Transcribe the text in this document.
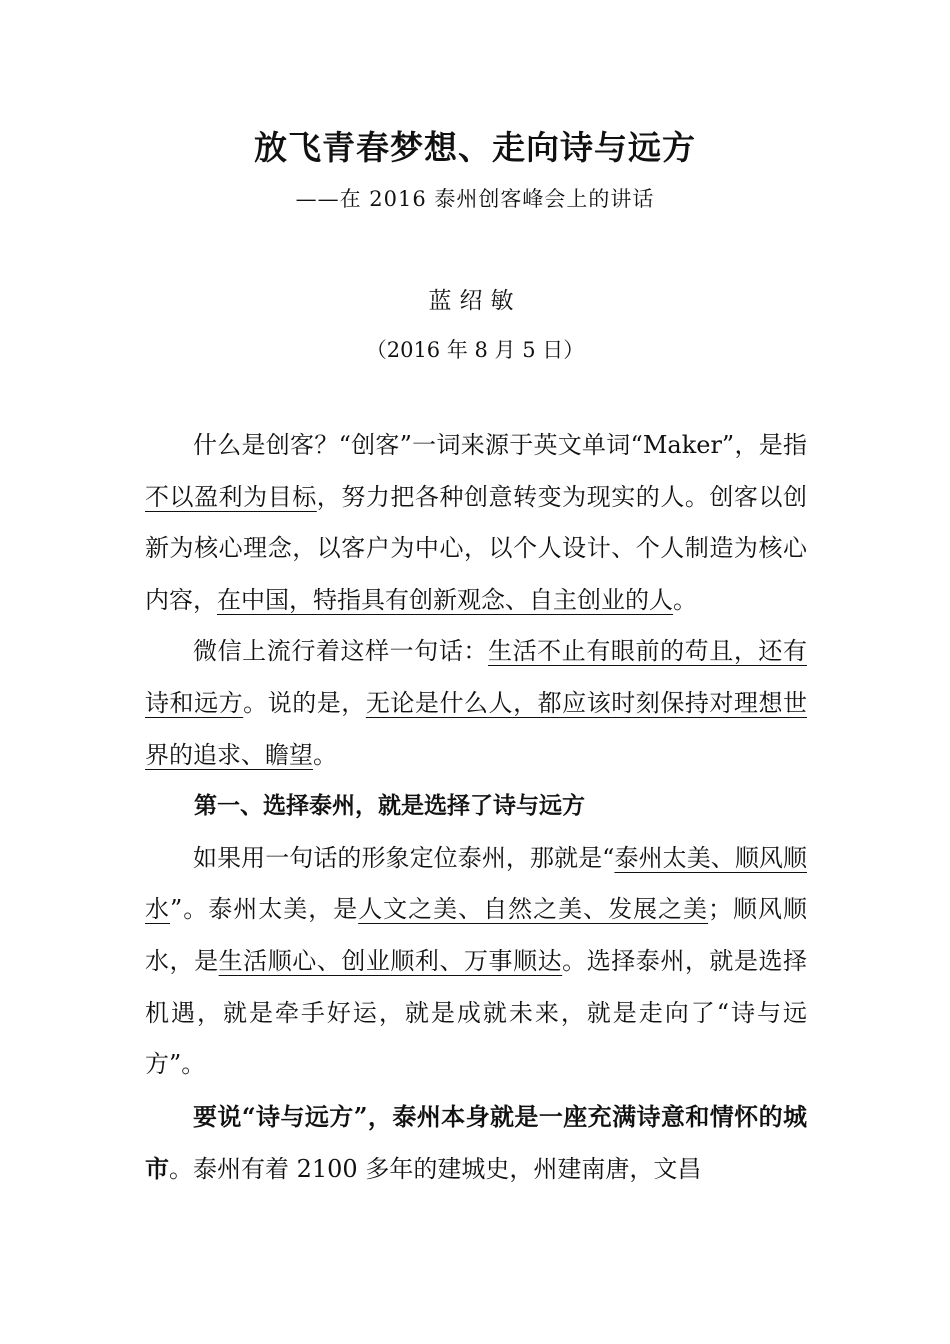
放飞青春梦想、走向诗与远方
——在 2016 泰州创客峰会上的讲话
蓝绍敏
（2016 年 8 月 5 日）

什么是创客？“创客”一词来源于英文单词“Maker”，是指不以盈利为目标，努力把各种创意转变为现实的人。创客以创新为核心理念，以客户为中心，以个人设计、个人制造为核心内容，在中国，特指具有创新观念、自主创业的人。

微信上流行着这样一句话：生活不止有眼前的苟且，还有诗和远方。说的是，无论是什么人，都应该时刻保持对理想世界的追求、瞻望。

第一、选择泰州，就是选择了诗与远方

如果用一句话的形象定位泰州，那就是“泰州太美、顺风顺水”。泰州太美，是人文之美、自然之美、发展之美；顺风顺水，是生活顺心、创业顺利、万事顺达。选择泰州，就是选择机遇，就是牵手好运，就是成就未来，就是走向了“诗与远方”。

要说“诗与远方”，泰州本身就是一座充满诗意和情怀的城市。泰州有着 2100 多年的建城史，州建南唐，文昌
